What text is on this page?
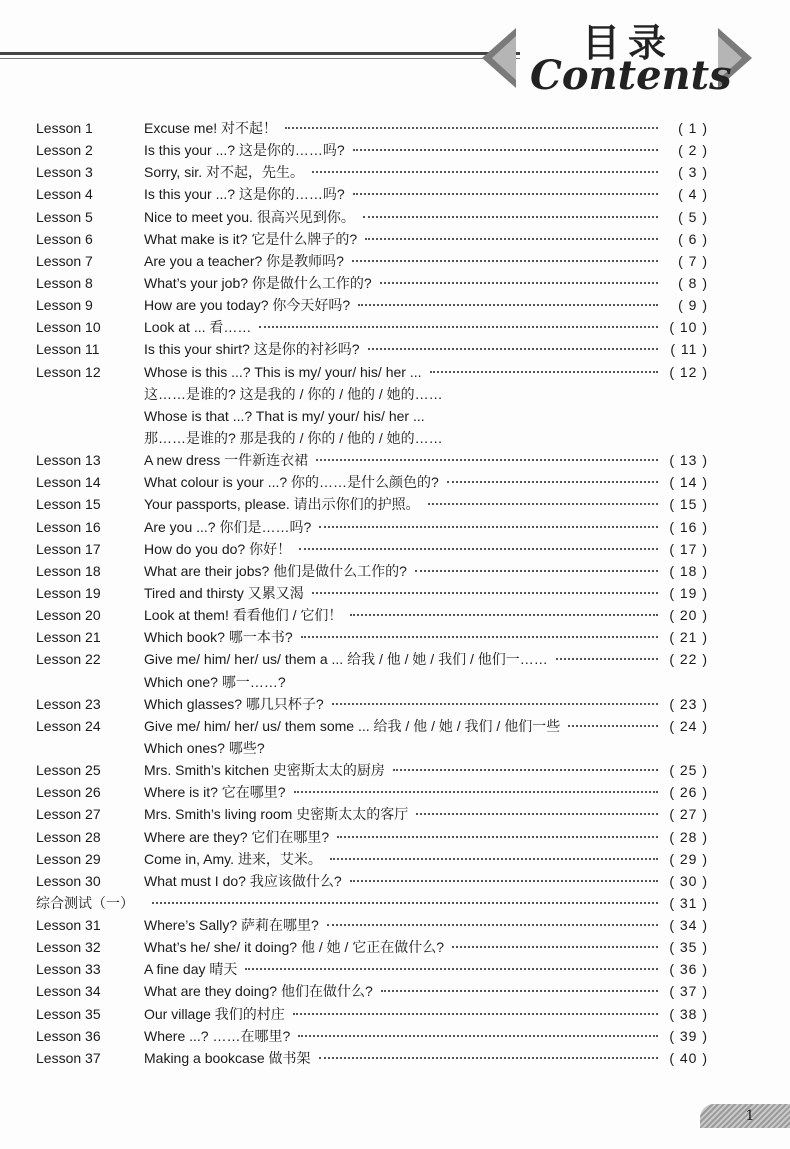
目录
Contents
Lesson 1	Excuse me! 对不起！	( 1 )
Lesson 2	Is this your ...? 这是你的……吗?	( 2 )
Lesson 3	Sorry, sir. 对不起，先生。	( 3 )
Lesson 4	Is this your ...? 这是你的……吗?	( 4 )
Lesson 5	Nice to meet you. 很高兴见到你。	( 5 )
Lesson 6	What make is it? 它是什么牌子的?	( 6 )
Lesson 7	Are you a teacher? 你是教师吗?	( 7 )
Lesson 8	What’s your job? 你是做什么工作的?	( 8 )
Lesson 9	How are you today? 你今天好吗?	( 9 )
Lesson 10	Look at ... 看……	( 10 )
Lesson 11	Is this your shirt? 这是你的衬衫吗?	( 11 )
Lesson 12	Whose is this ...? This is my/ your/ his/ her ...	( 12 )
这……是谁的? 这是我的 / 你的 / 他的 / 她的……
Whose is that ...? That is my/ your/ his/ her ...
那……是谁的? 那是我的 / 你的 / 他的 / 她的……
Lesson 13	A new dress 一件新连衣裙	( 13 )
Lesson 14	What colour is your ...? 你的……是什么颜色的?	( 14 )
Lesson 15	Your passports, please. 请出示你们的护照。	( 15 )
Lesson 16	Are you ...? 你们是……吗?	( 16 )
Lesson 17	How do you do? 你好！	( 17 )
Lesson 18	What are their jobs? 他们是做什么工作的?	( 18 )
Lesson 19	Tired and thirsty 又累又渴	( 19 )
Lesson 20	Look at them! 看看他们 / 它们！	( 20 )
Lesson 21	Which book? 哪一本书?	( 21 )
Lesson 22	Give me/ him/ her/ us/ them a ... 给我 / 他 / 她 / 我们 / 他们一……	( 22 )
Which one? 哪一……?
Lesson 23	Which glasses? 哪几只杯子?	( 23 )
Lesson 24	Give me/ him/ her/ us/ them some ... 给我 / 他 / 她 / 我们 / 他们一些	( 24 )
Which ones? 哪些?
Lesson 25	Mrs. Smith’s kitchen 史密斯太太的厨房	( 25 )
Lesson 26	Where is it? 它在哪里?	( 26 )
Lesson 27	Mrs. Smith’s living room 史密斯太太的客厅	( 27 )
Lesson 28	Where are they? 它们在哪里?	( 28 )
Lesson 29	Come in, Amy. 进来，艾米。	( 29 )
Lesson 30	What must I do? 我应该做什么?	( 30 )
综合测试（一）	( 31 )
Lesson 31	Where’s Sally? 萨莉在哪里?	( 34 )
Lesson 32	What’s he/ she/ it doing? 他 / 她 / 它正在做什么?	( 35 )
Lesson 33	A fine day 晴天	( 36 )
Lesson 34	What are they doing? 他们在做什么?	( 37 )
Lesson 35	Our village 我们的村庄	( 38 )
Lesson 36	Where ...? ……在哪里?	( 39 )
Lesson 37	Making a bookcase 做书架	( 40 )
1
